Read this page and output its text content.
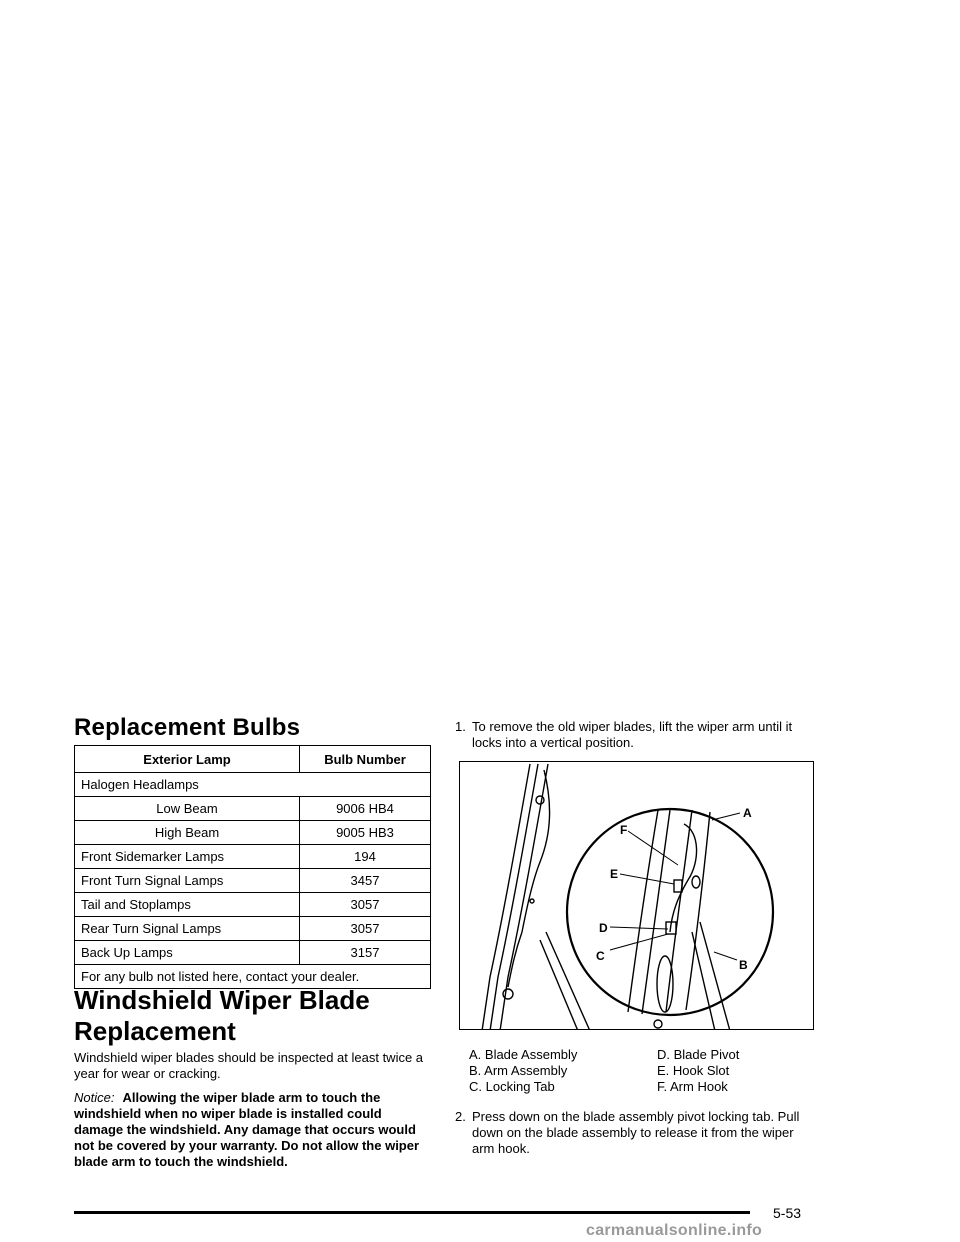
Replacement Bulbs
Exterior Lamp	Bulb Number
Halogen Headlamps	
Low Beam	9006 HB4
High Beam	9005 HB3
Front Sidemarker Lamps	194
Front Turn Signal Lamps	3457
Tail and Stoplamps	3057
Rear Turn Signal Lamps	3057
Back Up Lamps	3157
For any bulb not listed here, contact your dealer.	
Windshield Wiper Blade Replacement
Windshield wiper blades should be inspected at least twice a year for wear or cracking.
Notice: Allowing the wiper blade arm to touch the windshield when no wiper blade is installed could damage the windshield. Any damage that occurs would not be covered by your warranty. Do not allow the wiper blade arm to touch the windshield.
1. To remove the old wiper blades, lift the wiper arm until it locks into a vertical position.
F
A
E
D
C
B
A. Blade Assembly
B. Arm Assembly
C. Locking Tab
D. Blade Pivot
E. Hook Slot
F. Arm Hook
2. Press down on the blade assembly pivot locking tab. Pull down on the blade assembly to release it from the wiper arm hook.
5-53
carmanualsonline.info
